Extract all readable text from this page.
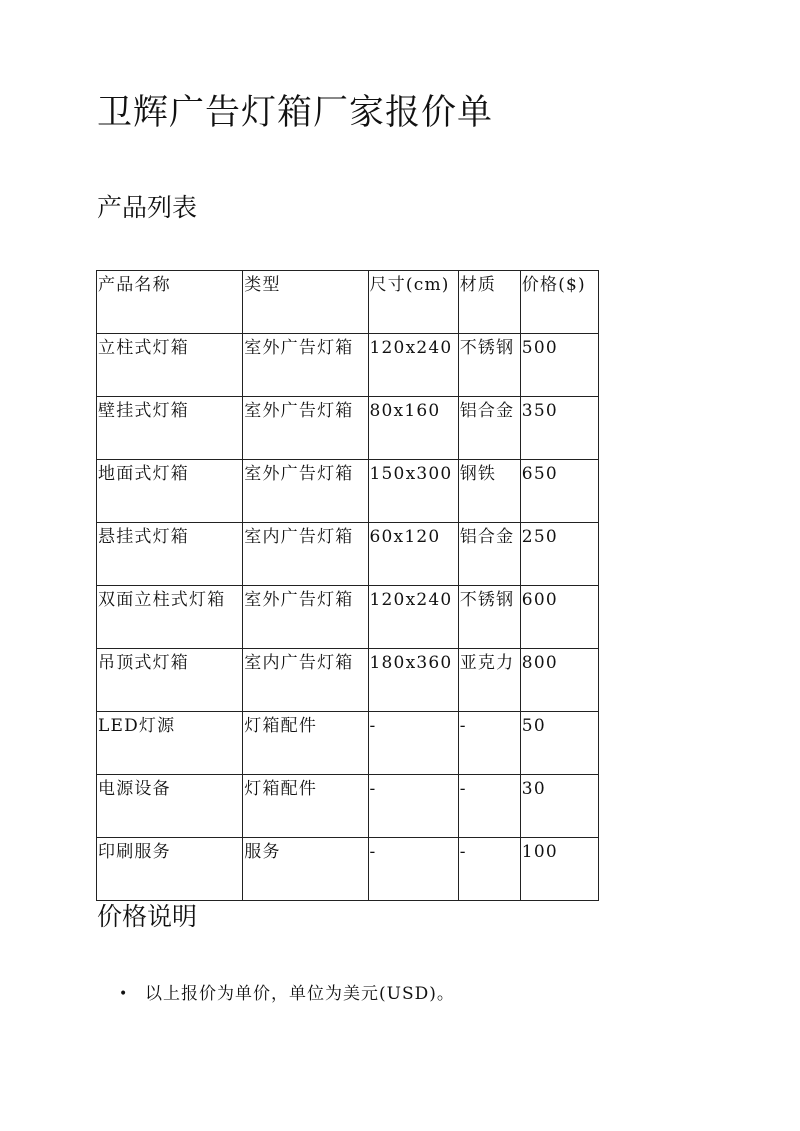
卫辉广告灯箱厂家报价单
产品列表
产品名称	类型	尺寸(cm)	材质	价格($)
立柱式灯箱	室外广告灯箱	120x240	不锈钢	500
壁挂式灯箱	室外广告灯箱	80x160	铝合金	350
地面式灯箱	室外广告灯箱	150x300	钢铁	650
悬挂式灯箱	室内广告灯箱	60x120	铝合金	250
双面立柱式灯箱	室外广告灯箱	120x240	不锈钢	600
吊顶式灯箱	室内广告灯箱	180x360	亚克力	800
LED灯源	灯箱配件	-	-	50
电源设备	灯箱配件	-	-	30
印刷服务	服务	-	-	100
价格说明
• 以上报价为单价，单位为美元(USD)。
